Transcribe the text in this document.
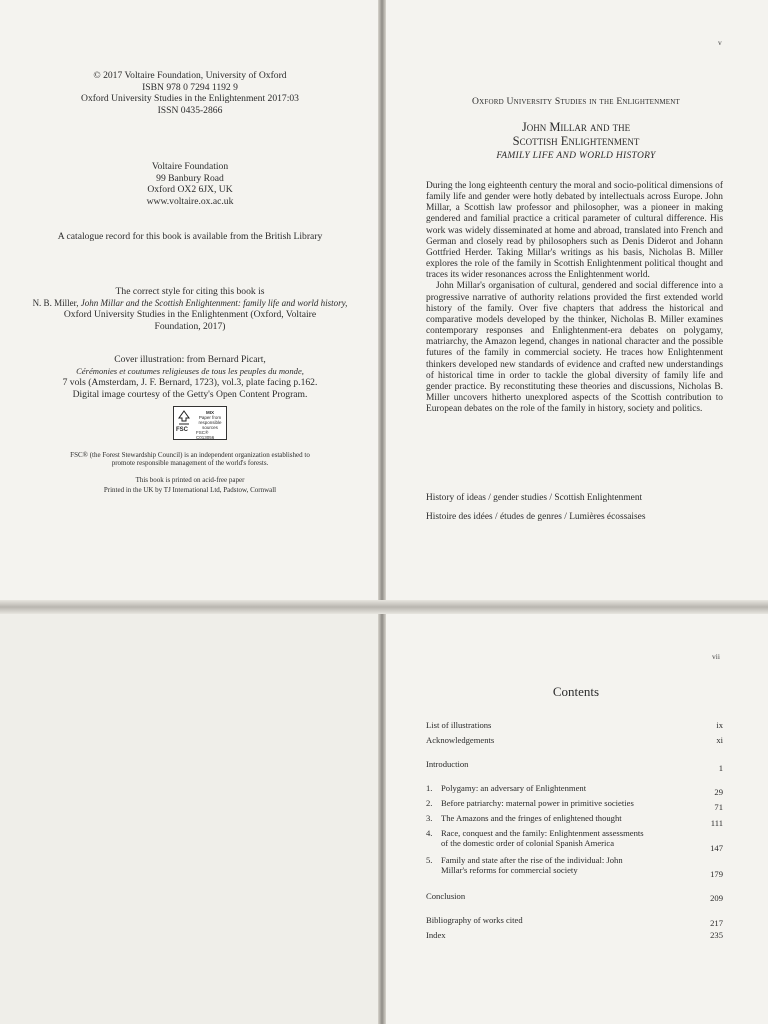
© 2017 Voltaire Foundation, University of Oxford
ISBN 978 0 7294 1192 9
Oxford University Studies in the Enlightenment 2017:03
ISSN 0435-2866
Voltaire Foundation
99 Banbury Road
Oxford OX2 6JX, UK
www.voltaire.ox.ac.uk
A catalogue record for this book is available from the British Library
The correct style for citing this book is
N. B. Miller, John Millar and the Scottish Enlightenment: family life and world history,
Oxford University Studies in the Enlightenment (Oxford, Voltaire
Foundation, 2017)
Cover illustration: from Bernard Picart,
Cérémonies et coutumes religieuses de tous les peuples du monde,
7 vols (Amsterdam, J. F. Bernard, 1723), vol.3, plate facing p.162.
Digital image courtesy of the Getty's Open Content Program.
FSC
MIX
Paper from responsible sources
FSC® C013056
FSC® (the Forest Stewardship Council) is an independent organization established to
promote responsible management of the world's forests.
This book is printed on acid-free paper
Printed in the UK by TJ International Ltd, Padstow, Cornwall
v
Oxford University Studies in the Enlightenment
John Millar and the
Scottish Enlightenment
FAMILY LIFE AND WORLD HISTORY

During the long eighteenth century the moral and socio-political dimensions of family life and gender were hotly debated by intellectuals across Europe. John Millar, a Scottish law professor and philosopher, was a pioneer in making gendered and familial practice a critical parameter of cultural difference. His work was widely disseminated at home and abroad, translated into French and German and closely read by philosophers such as Denis Diderot and Johann Gottfried Herder. Taking Millar's writings as his basis, Nicholas B. Miller explores the role of the family in Scottish Enlightenment political thought and traces its wider resonances across the Enlightenment world.

John Millar's organisation of cultural, gendered and social difference into a progressive narrative of authority relations provided the first extended world history of the family. Over five chapters that address the historical and comparative models developed by the thinker, Nicholas B. Miller examines contemporary responses and Enlightenment-era debates on polygamy, matriarchy, the Amazon legend, changes in national character and the possible futures of the family in commercial society. He traces how Enlightenment thinkers developed new standards of evidence and crafted new understandings of historical time in order to tackle the global diversity of family life and gender practice. By reconstituting these theories and discussions, Nicholas B. Miller uncovers hitherto unexplored aspects of the Scottish contribution to European debates on the role of the family in history, society and politics.

History of ideas / gender studies / Scottish Enlightenment
Histoire des idées / études de genres / Lumières écossaises
vii
Contents
List of illustrations	ix
Acknowledgements	xi
Introduction	1
1. Polygamy: an adversary of Enlightenment	29
2. Before patriarchy: maternal power in primitive societies	71
3. The Amazons and the fringes of enlightened thought	111
4. Race, conquest and the family: Enlightenment assessments
of the domestic order of colonial Spanish America	147
5. Family and state after the rise of the individual: John
Millar's reforms for commercial society	179
Conclusion	209
Bibliography of works cited	217
Index	235
